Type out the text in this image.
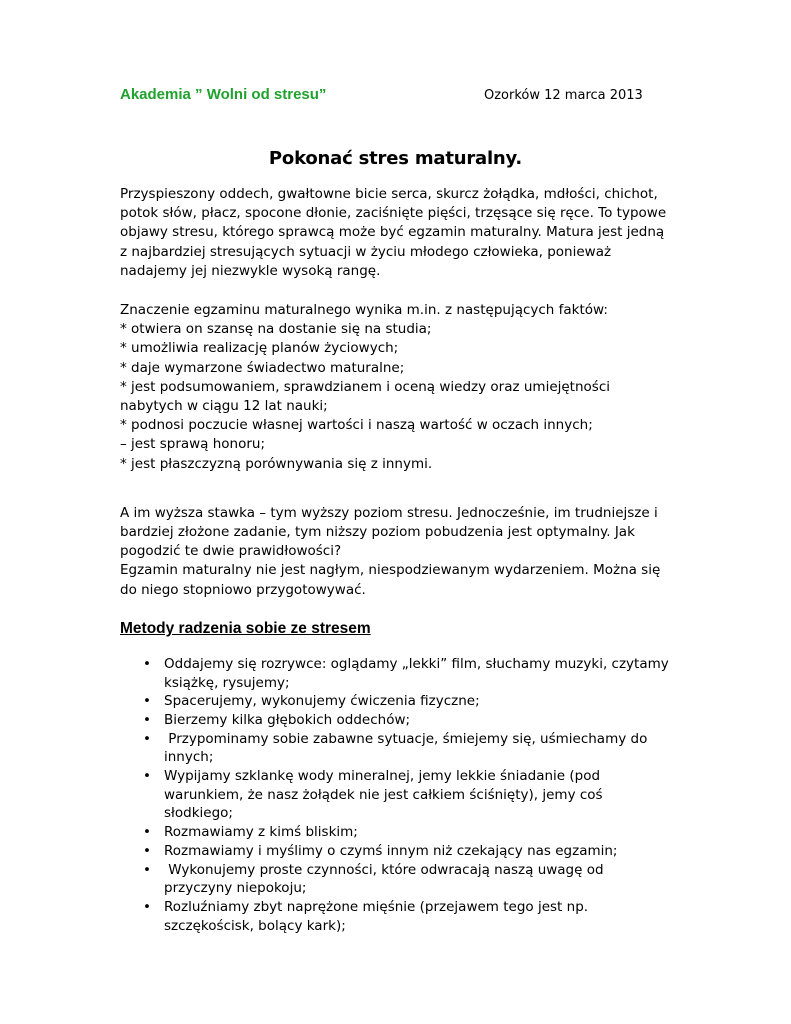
Akademia ” Wolni od stresu”	Ozorków 12 marca 2013
Pokonać stres maturalny.

Przyspieszony oddech, gwałtowne bicie serca, skurcz żołądka, mdłości, chichot,
potok słów, płacz, spocone dłonie, zaciśnięte pięści, trzęsące się ręce. To typowe
objawy stresu, którego sprawcą może być egzamin maturalny. Matura jest jedną
z najbardziej stresujących sytuacji w życiu młodego człowieka, ponieważ
nadajemy jej niezwykle wysoką rangę.

Znaczenie egzaminu maturalnego wynika m.in. z następujących faktów:
* otwiera on szansę na dostanie się na studia;
* umożliwia realizację planów życiowych;
* daje wymarzone świadectwo maturalne;
* jest podsumowaniem, sprawdzianem i oceną wiedzy oraz umiejętności
nabytych w ciągu 12 lat nauki;
* podnosi poczucie własnej wartości i naszą wartość w oczach innych;
– jest sprawą honoru;
* jest płaszczyzną porównywania się z innymi.

A im wyższa stawka – tym wyższy poziom stresu. Jednocześnie, im trudniejsze i
bardziej złożone zadanie, tym niższy poziom pobudzenia jest optymalny. Jak
pogodzić te dwie prawidłowości?
Egzamin maturalny nie jest nagłym, niespodziewanym wydarzeniem. Można się
do niego stopniowo przygotowywać.

Metody radzenia sobie ze stresem

• Oddajemy się rozrywce: oglądamy „lekki” film, słuchamy muzyki, czytamy
książkę, rysujemy;
• Spacerujemy, wykonujemy ćwiczenia fizyczne;
• Bierzemy kilka głębokich oddechów;
• Przypominamy sobie zabawne sytuacje, śmiejemy się, uśmiechamy do
innych;
• Wypijamy szklankę wody mineralnej, jemy lekkie śniadanie (pod
warunkiem, że nasz żołądek nie jest całkiem ściśnięty), jemy coś
słodkiego;
• Rozmawiamy z kimś bliskim;
• Rozmawiamy i myślimy o czymś innym niż czekający nas egzamin;
• Wykonujemy proste czynności, które odwracają naszą uwagę od
przyczyny niepokoju;
• Rozluźniamy zbyt naprężone mięśnie (przejawem tego jest np.
szczękościsk, bolący kark);
